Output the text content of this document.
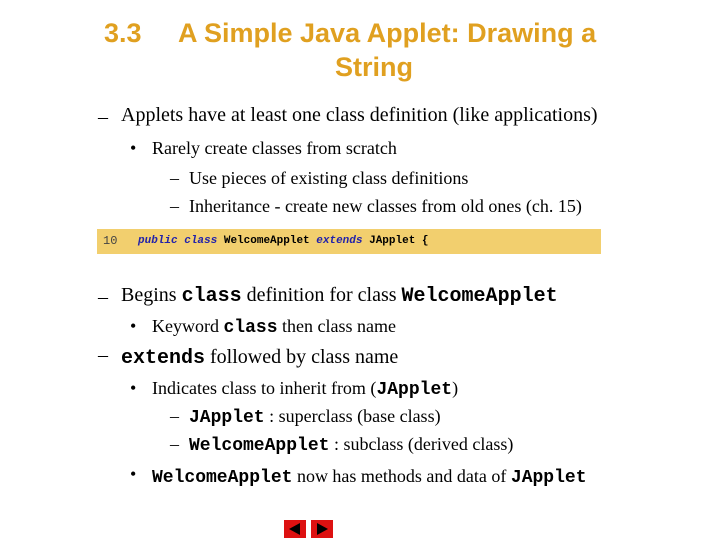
3.3 A Simple Java Applet: Drawing a
String
– Applets have at least one class definition (like applications)
• Rarely create classes from scratch
– Use pieces of existing class definitions
– Inheritance - create new classes from old ones (ch. 15)
10 public class WelcomeApplet extends JApplet {
– Begins class definition for class WelcomeApplet
• Keyword class then class name
– extends followed by class name
• Indicates class to inherit from (JApplet)
– JApplet : superclass (base class)
– WelcomeApplet : subclass (derived class)
• WelcomeApplet now has methods and data of JApplet
